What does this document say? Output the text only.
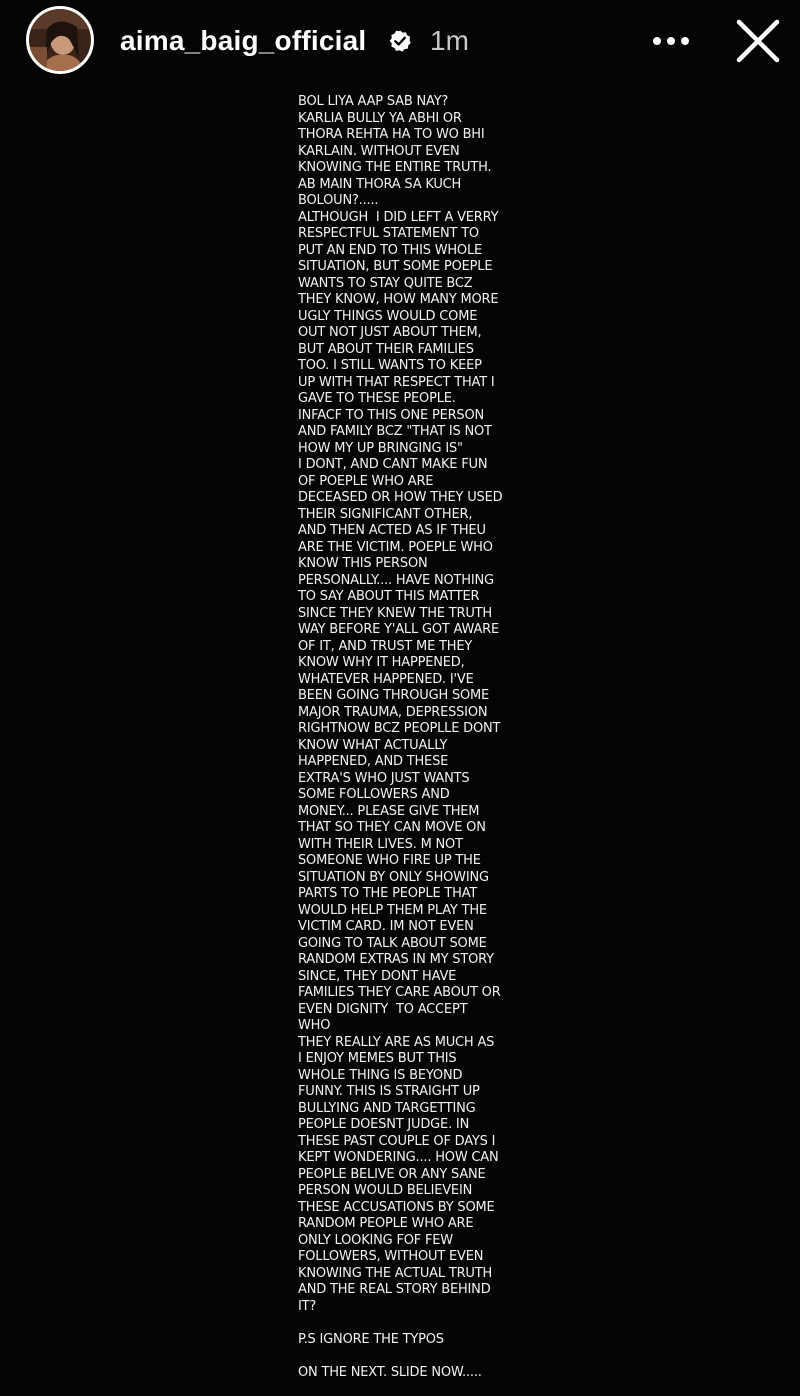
aima_baig_official 1m
BOL LIYA AAP SAB NAY?
KARLIA BULLY YA ABHI OR
THORA REHTA HA TO WO BHI
KARLAIN. WITHOUT EVEN
KNOWING THE ENTIRE TRUTH.
AB MAIN THORA SA KUCH
BOLOUN?.....
ALTHOUGH  I DID LEFT A VERRY
RESPECTFUL STATEMENT TO
PUT AN END TO THIS WHOLE
SITUATION, BUT SOME POEPLE
WANTS TO STAY QUITE BCZ
THEY KNOW, HOW MANY MORE
UGLY THINGS WOULD COME
OUT NOT JUST ABOUT THEM,
BUT ABOUT THEIR FAMILIES
TOO. I STILL WANTS TO KEEP
UP WITH THAT RESPECT THAT I
GAVE TO THESE PEOPLE.
INFACF TO THIS ONE PERSON
AND FAMILY BCZ "THAT IS NOT
HOW MY UP BRINGING IS"
I DONT, AND CANT MAKE FUN
OF POEPLE WHO ARE
DECEASED OR HOW THEY USED
THEIR SIGNIFICANT OTHER,
AND THEN ACTED AS IF THEU
ARE THE VICTIM. POEPLE WHO
KNOW THIS PERSON
PERSONALLY.... HAVE NOTHING
TO SAY ABOUT THIS MATTER
SINCE THEY KNEW THE TRUTH
WAY BEFORE Y'ALL GOT AWARE
OF IT, AND TRUST ME THEY
KNOW WHY IT HAPPENED,
WHATEVER HAPPENED. I'VE
BEEN GOING THROUGH SOME
MAJOR TRAUMA, DEPRESSION
RIGHTNOW BCZ PEOPLLE DONT
KNOW WHAT ACTUALLY
HAPPENED, AND THESE
EXTRA'S WHO JUST WANTS
SOME FOLLOWERS AND
MONEY... PLEASE GIVE THEM
THAT SO THEY CAN MOVE ON
WITH THEIR LIVES. M NOT
SOMEONE WHO FIRE UP THE
SITUATION BY ONLY SHOWING
PARTS TO THE PEOPLE THAT
WOULD HELP THEM PLAY THE
VICTIM CARD. IM NOT EVEN
GOING TO TALK ABOUT SOME
RANDOM EXTRAS IN MY STORY
SINCE, THEY DONT HAVE
FAMILIES THEY CARE ABOUT OR
EVEN DIGNITY  TO ACCEPT WHO
THEY REALLY ARE AS MUCH AS
I ENJOY MEMES BUT THIS
WHOLE THING IS BEYOND
FUNNY. THIS IS STRAIGHT UP
BULLYING AND TARGETTING
PEOPLE DOESNT JUDGE. IN
THESE PAST COUPLE OF DAYS I
KEPT WONDERING.... HOW CAN
PEOPLE BELIVE OR ANY SANE
PERSON WOULD BELIEVEIN
THESE ACCUSATIONS BY SOME
RANDOM PEOPLE WHO ARE
ONLY LOOKING FOF FEW
FOLLOWERS, WITHOUT EVEN
KNOWING THE ACTUAL TRUTH
AND THE REAL STORY BEHIND
IT?

P.S IGNORE THE TYPOS

ON THE NEXT. SLIDE NOW.....
